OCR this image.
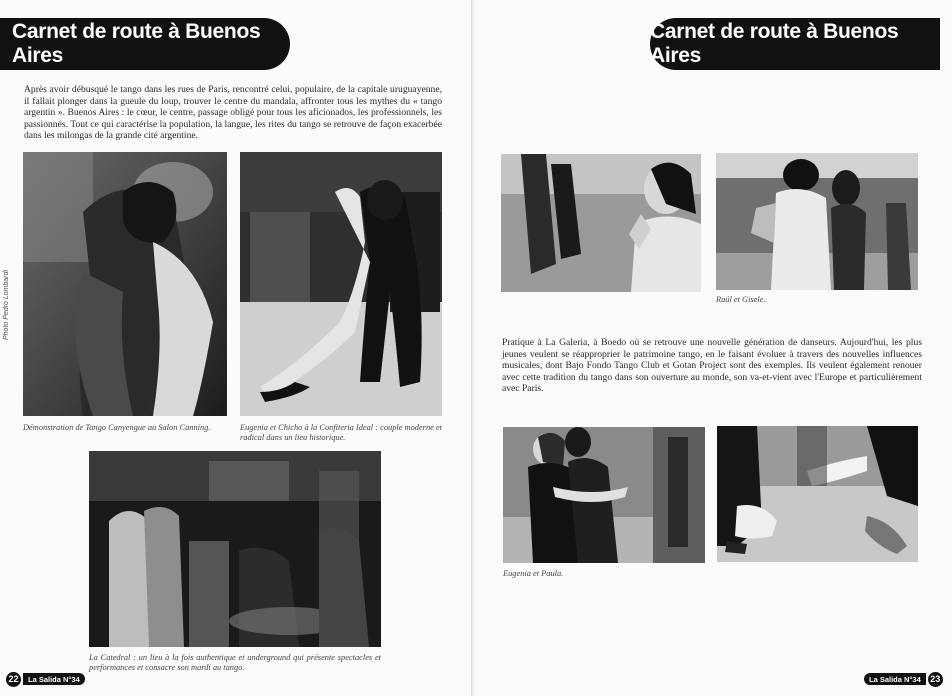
Carnet de route à Buenos Aires
Après avoir débusqué le tango dans les rues de Paris, rencontré celui, populaire, de la capitale uruguayenne, il fallait plonger dans la gueule du loup, trouver le centre du mandala, affronter tous les mythes du « tango argentin ». Buenos Aires : le cœur, le centre, passage obligé pour tous les aficionados, les professionnels, les passionnés. Tout ce qui caractérise la population, la langue, les rites du tango se retrouve de façon exacerbée dans les milongas de la grande cité argentine.
Photo Pedro Lombardi
Démonstration de Tango Canyengue au Salon Canning.	Eugenia et Chicho à la Confiteria Ideal : couple moderne et radical dans un lieu historique.
La Catedral : un lieu à la fois authentique et underground qui présente spectacles et performances et consacre son mardi au tango.
22	La Salida N°34
Carnet de route à Buenos Aires
Raúl et Gisele.
Pratique à La Galeria, à Boedo où se retrouve une nouvelle génération de danseurs. Aujourd'hui, les plus jeunes veulent se réapproprier le patrimoine tango, en le faisant évoluer à travers des nouvelles influences musicales, dont Bajo Fondo Tango Club et Gotan Project sont des exemples. Ils veulent également renouer avec cette tradition du tango dans son ouverture au monde, son va-et-vient avec l'Europe et particulièrement avec Paris.
Eugenia et Paula.
La Salida N°34	23
